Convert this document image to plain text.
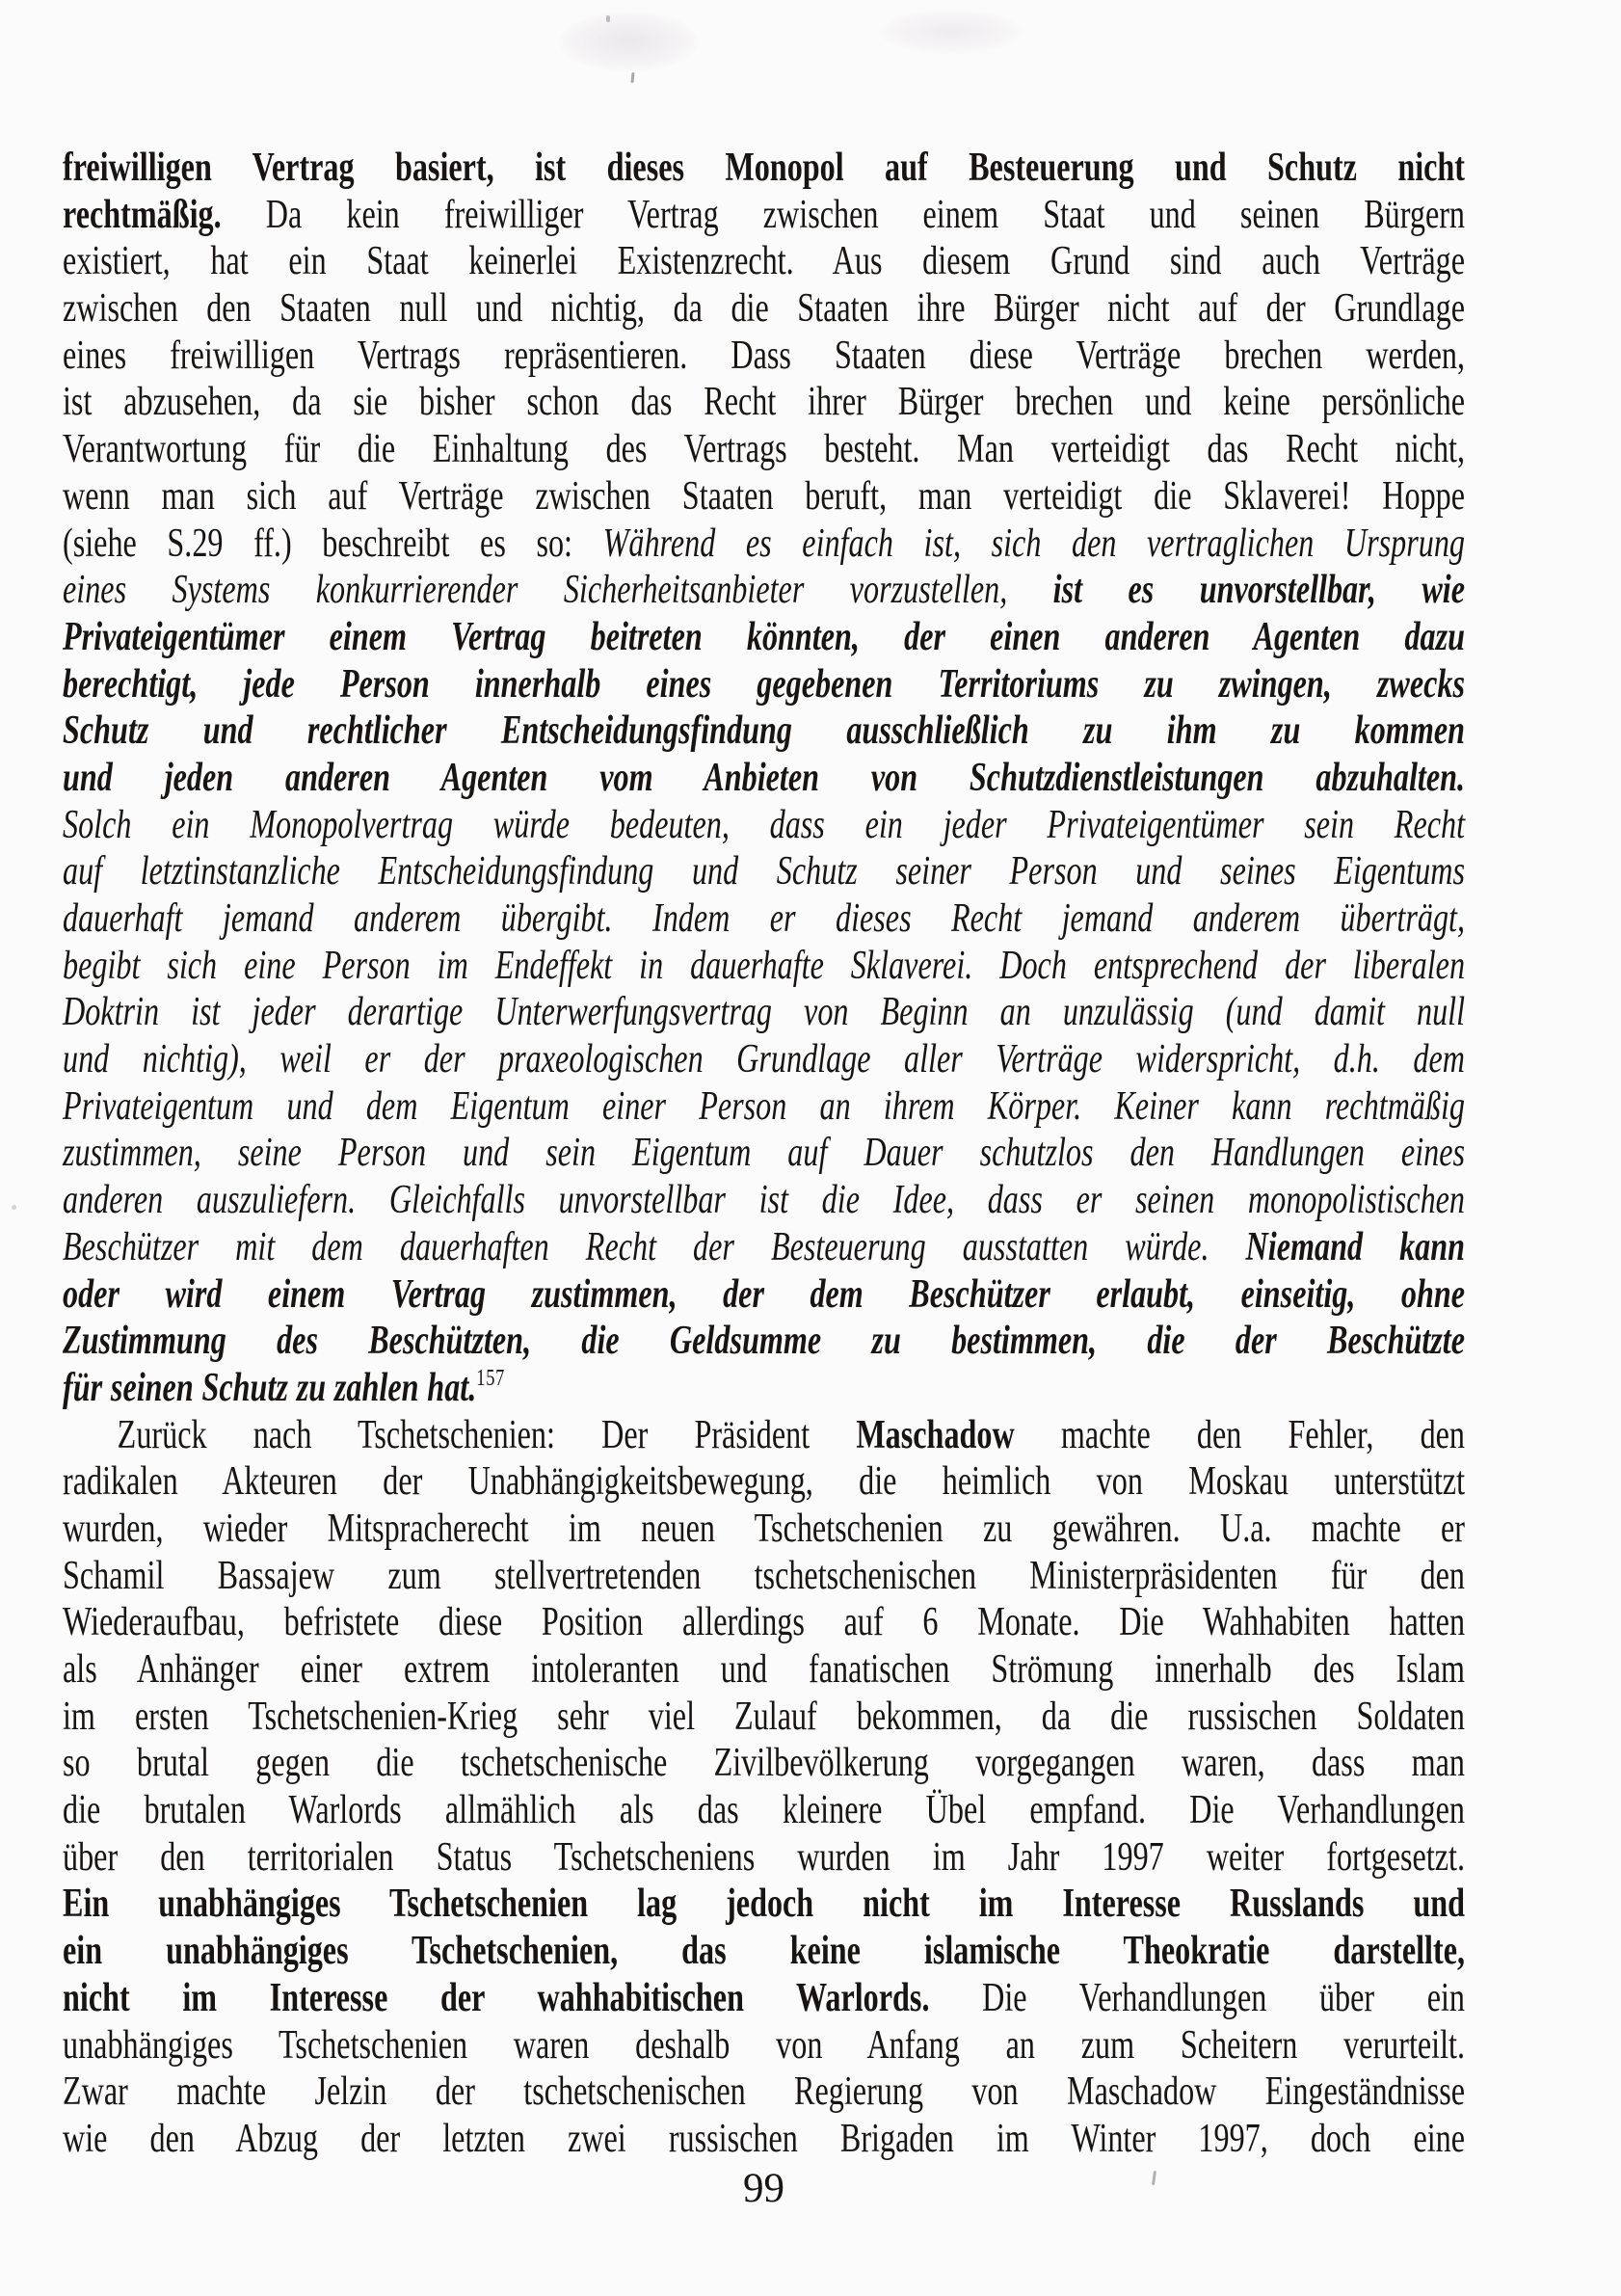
freiwilligen Vertrag basiert, ist dieses Monopol auf Besteuerung und Schutz nicht
rechtmäßig. Da kein freiwilliger Vertrag zwischen einem Staat und seinen Bürgern
existiert, hat ein Staat keinerlei Existenzrecht. Aus diesem Grund sind auch Verträge
zwischen den Staaten null und nichtig, da die Staaten ihre Bürger nicht auf der Grundlage
eines freiwilligen Vertrags repräsentieren. Dass Staaten diese Verträge brechen werden,
ist abzusehen, da sie bisher schon das Recht ihrer Bürger brechen und keine persönliche
Verantwortung für die Einhaltung des Vertrags besteht. Man verteidigt das Recht nicht,
wenn man sich auf Verträge zwischen Staaten beruft, man verteidigt die Sklaverei! Hoppe
(siehe S.29 ff.) beschreibt es so: Während es einfach ist, sich den vertraglichen Ursprung
eines Systems konkurrierender Sicherheitsanbieter vorzustellen, ist es unvorstellbar, wie
Privateigentümer einem Vertrag beitreten könnten, der einen anderen Agenten dazu
berechtigt, jede Person innerhalb eines gegebenen Territoriums zu zwingen, zwecks
Schutz und rechtlicher Entscheidungsfindung ausschließlich zu ihm zu kommen
und jeden anderen Agenten vom Anbieten von Schutzdienstleistungen abzuhalten.
Solch ein Monopolvertrag würde bedeuten, dass ein jeder Privateigentümer sein Recht
auf letztinstanzliche Entscheidungsfindung und Schutz seiner Person und seines Eigentums
dauerhaft jemand anderem übergibt. Indem er dieses Recht jemand anderem überträgt,
begibt sich eine Person im Endeffekt in dauerhafte Sklaverei. Doch entsprechend der liberalen
Doktrin ist jeder derartige Unterwerfungsvertrag von Beginn an unzulässig (und damit null
und nichtig), weil er der praxeologischen Grundlage aller Verträge widerspricht, d.h. dem
Privateigentum und dem Eigentum einer Person an ihrem Körper. Keiner kann rechtmäßig
zustimmen, seine Person und sein Eigentum auf Dauer schutzlos den Handlungen eines
anderen auszuliefern. Gleichfalls unvorstellbar ist die Idee, dass er seinen monopolistischen
Beschützer mit dem dauerhaften Recht der Besteuerung ausstatten würde. Niemand kann
oder wird einem Vertrag zustimmen, der dem Beschützer erlaubt, einseitig, ohne
Zustimmung des Beschützten, die Geldsumme zu bestimmen, die der Beschützte
für seinen Schutz zu zahlen hat.$^{157}$
Zurück nach Tschetschenien: Der Präsident Maschadow machte den Fehler, den
radikalen Akteuren der Unabhängigkeitsbewegung, die heimlich von Moskau unterstützt
wurden, wieder Mitspracherecht im neuen Tschetschenien zu gewähren. U.a. machte er
Schamil Bassajew zum stellvertretenden tschetschenischen Ministerpräsidenten für den
Wiederaufbau, befristete diese Position allerdings auf 6 Monate. Die Wahhabiten hatten
als Anhänger einer extrem intoleranten und fanatischen Strömung innerhalb des Islam
im ersten Tschetschenien-Krieg sehr viel Zulauf bekommen, da die russischen Soldaten
so brutal gegen die tschetschenische Zivilbevölkerung vorgegangen waren, dass man
die brutalen Warlords allmählich als das kleinere Übel empfand. Die Verhandlungen
über den territorialen Status Tschetscheniens wurden im Jahr 1997 weiter fortgesetzt.
Ein unabhängiges Tschetschenien lag jedoch nicht im Interesse Russlands und
ein unabhängiges Tschetschenien, das keine islamische Theokratie darstellte,
nicht im Interesse der wahhabitischen Warlords. Die Verhandlungen über ein
unabhängiges Tschetschenien waren deshalb von Anfang an zum Scheitern verurteilt.
Zwar machte Jelzin der tschetschenischen Regierung von Maschadow Eingeständnisse
wie den Abzug der letzten zwei russischen Brigaden im Winter 1997, doch eine
99
